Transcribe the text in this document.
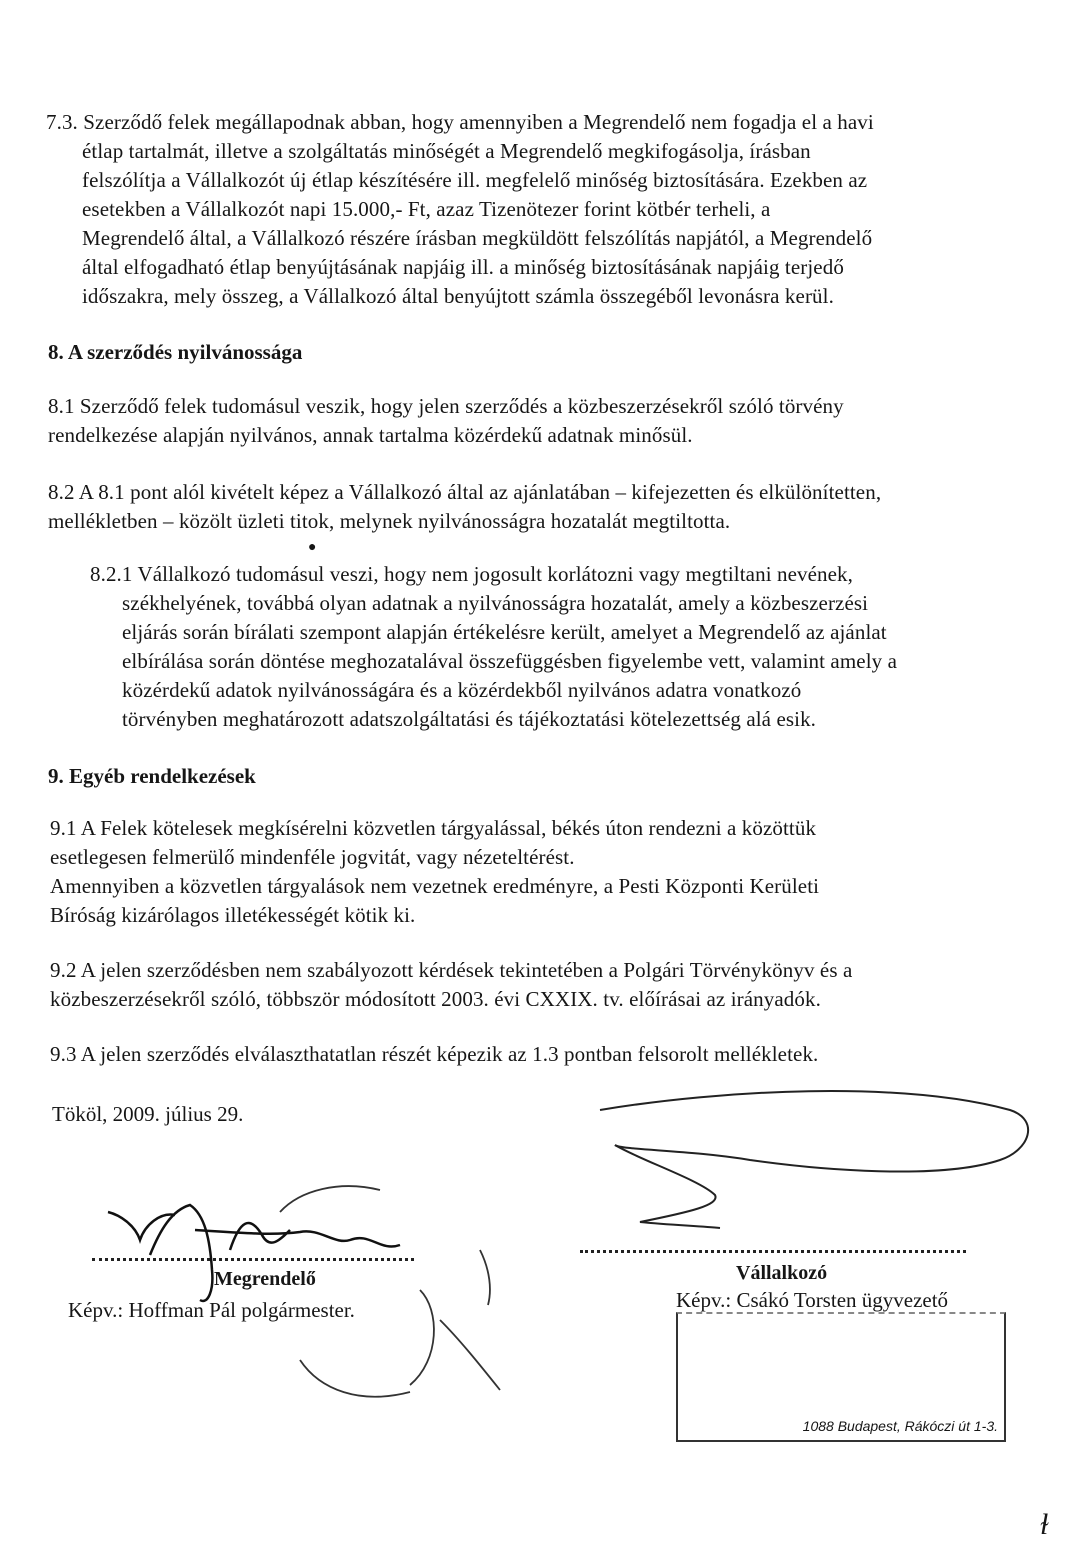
7.3. Szerződő felek megállapodnak abban, hogy amennyiben a Megrendelő nem fogadja el a havi
étlap tartalmát, illetve a szolgáltatás minőségét a Megrendelő megkifogásolja, írásban
felszólítja a Vállalkozót új étlap készítésére ill. megfelelő minőség biztosítására. Ezekben az
esetekben a Vállalkozót napi 15.000,- Ft, azaz Tizenötezer forint kötbér terheli, a
Megrendelő által, a Vállalkozó részére írásban megküldött felszólítás napjától, a Megrendelő
által elfogadható étlap benyújtásának napjáig ill. a minőség biztosításának napjáig terjedő
időszakra, mely összeg, a Vállalkozó által benyújtott számla összegéből levonásra kerül.
8. A szerződés nyilvánossága
8.1 Szerződő felek tudomásul veszik, hogy jelen szerződés a közbeszerzésekről szóló törvény
rendelkezése alapján nyilvános, annak tartalma közérdekű adatnak minősül.
8.2 A 8.1 pont alól kivételt képez a Vállalkozó által az ajánlatában – kifejezetten és elkülönítetten,
mellékletben – közölt üzleti titok, melynek nyilvánosságra hozatalát megtiltotta.
8.2.1 Vállalkozó tudomásul veszi, hogy nem jogosult korlátozni vagy megtiltani nevének,
székhelyének, továbbá olyan adatnak a nyilvánosságra hozatalát, amely a közbeszerzési
eljárás során bírálati szempont alapján értékelésre került, amelyet a Megrendelő az ajánlat
elbírálása során döntése meghozatalával összefüggésben figyelembe vett, valamint amely a
közérdekű adatok nyilvánosságára és a közérdekből nyilvános adatra vonatkozó
törvényben meghatározott adatszolgáltatási és tájékoztatási kötelezettség alá esik.
9. Egyéb rendelkezések
9.1 A Felek kötelesek megkísérelni közvetlen tárgyalással, békés úton rendezni a közöttük
esetlegesen felmerülő mindenféle jogvitát, vagy nézeteltérést.
Amennyiben a közvetlen tárgyalások nem vezetnek eredményre, a Pesti Központi Kerületi
Bíróság kizárólagos illetékességét kötik ki.
9.2 A jelen szerződésben nem szabályozott kérdések tekintetében a Polgári Törvénykönyv és a
közbeszerzésekről szóló, többször módosított 2003. évi CXXIX. tv. előírásai az irányadók.
9.3 A jelen szerződés elválaszthatatlan részét képezik az 1.3 pontban felsorolt mellékletek.
Tököl, 2009. július 29.
Megrendelő
Képv.: Hoffman Pál polgármester.
Vállalkozó
Képv.: Csákó Torsten ügyvezető
1088 Budapest, Rákóczi út 1-3.
●
ɫ
